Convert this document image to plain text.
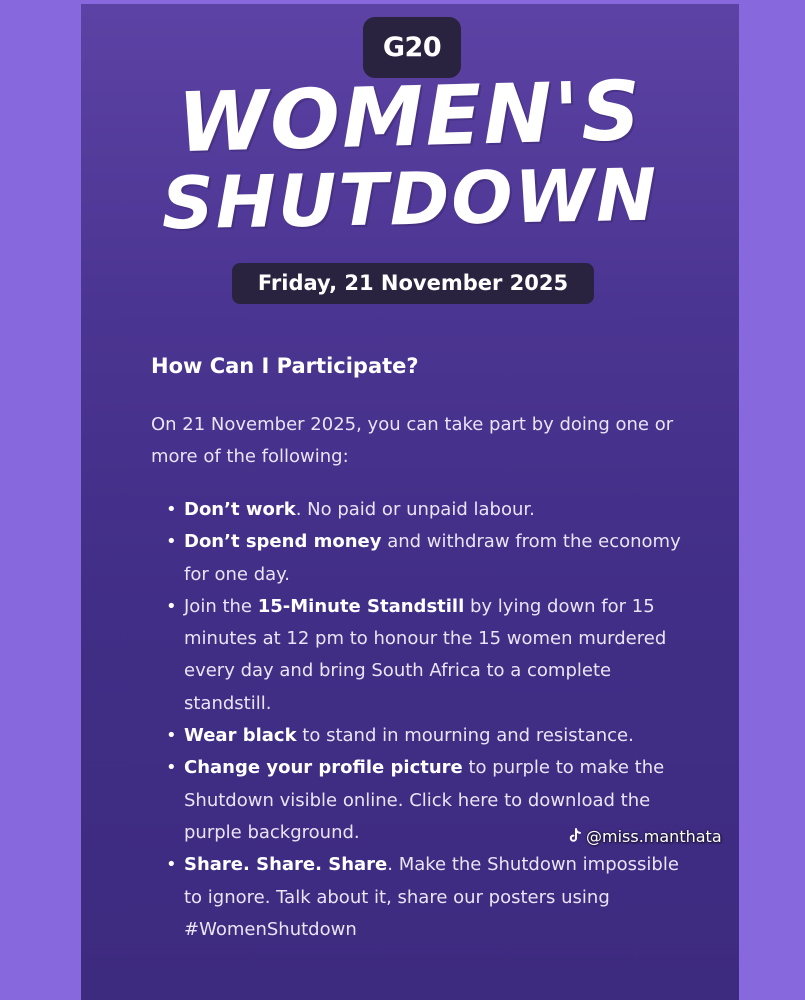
G20
WOMEN'S
SHUTDOWN
Friday, 21 November 2025
How Can I Participate?

On 21 November 2025, you can take part by doing one or more of the following:

• Don’t work. No paid or unpaid labour.
• Don’t spend money and withdraw from the economy for one day.
• Join the 15-Minute Standstill by lying down for 15 minutes at 12 pm to honour the 15 women murdered every day and bring South Africa to a complete standstill.
• Wear black to stand in mourning and resistance.
• Change your profile picture to purple to make the Shutdown visible online. Click here to download the purple background.
• Share. Share. Share. Make the Shutdown impossible to ignore. Talk about it, share our posters using #WomenShutdown
@miss.manthata
